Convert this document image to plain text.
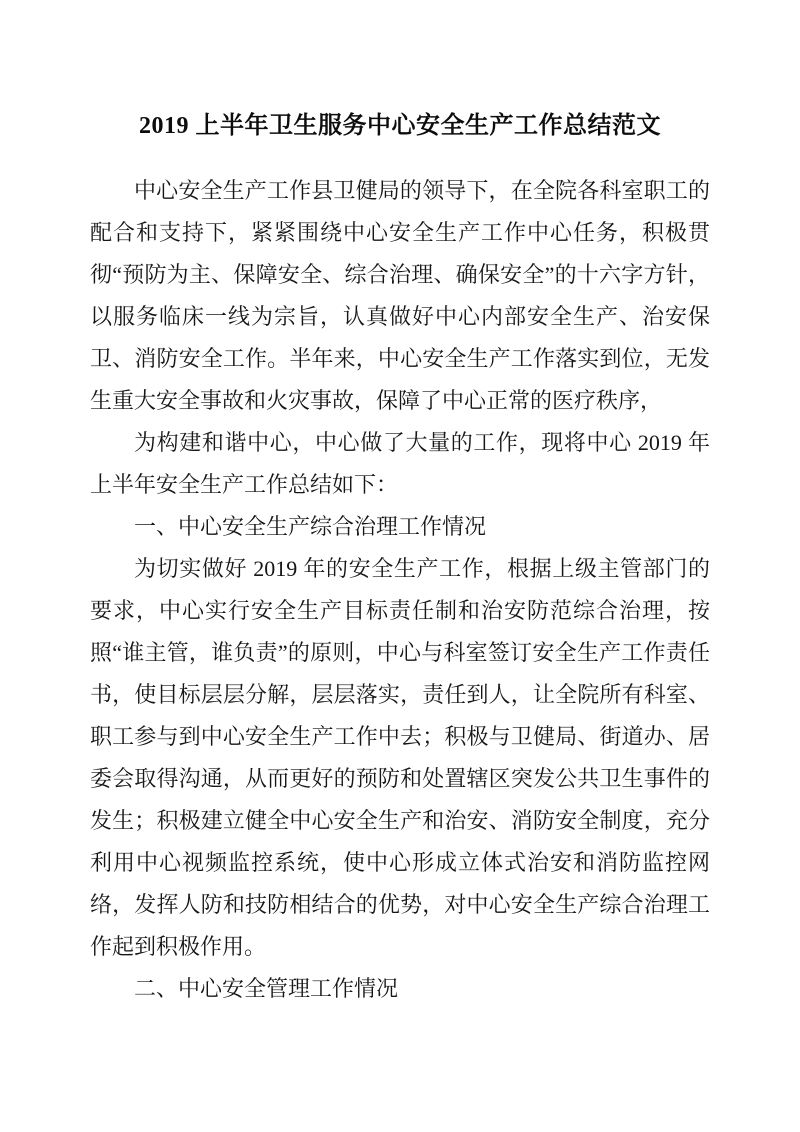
2019 上半年卫生服务中心安全生产工作总结范文

中心安全生产工作县卫健局的领导下，在全院各科室职工的配合和支持下，紧紧围绕中心安全生产工作中心任务，积极贯彻“预防为主、保障安全、综合治理、确保安全”的十六字方针，以服务临床一线为宗旨，认真做好中心内部安全生产、治安保卫、消防安全工作。半年来，中心安全生产工作落实到位，无发生重大安全事故和火灾事故，保障了中心正常的医疗秩序，

为构建和谐中心，中心做了大量的工作，现将中心 2019 年上半年安全生产工作总结如下：

一、中心安全生产综合治理工作情况

为切实做好 2019 年的安全生产工作，根据上级主管部门的要求，中心实行安全生产目标责任制和治安防范综合治理，按照“谁主管，谁负责”的原则，中心与科室签订安全生产工作责任书，使目标层层分解，层层落实，责任到人，让全院所有科室、职工参与到中心安全生产工作中去；积极与卫健局、街道办、居委会取得沟通，从而更好的预防和处置辖区突发公共卫生事件的发生；积极建立健全中心安全生产和治安、消防安全制度，充分利用中心视频监控系统，使中心形成立体式治安和消防监控网络，发挥人防和技防相结合的优势，对中心安全生产综合治理工作起到积极作用。

二、中心安全管理工作情况
